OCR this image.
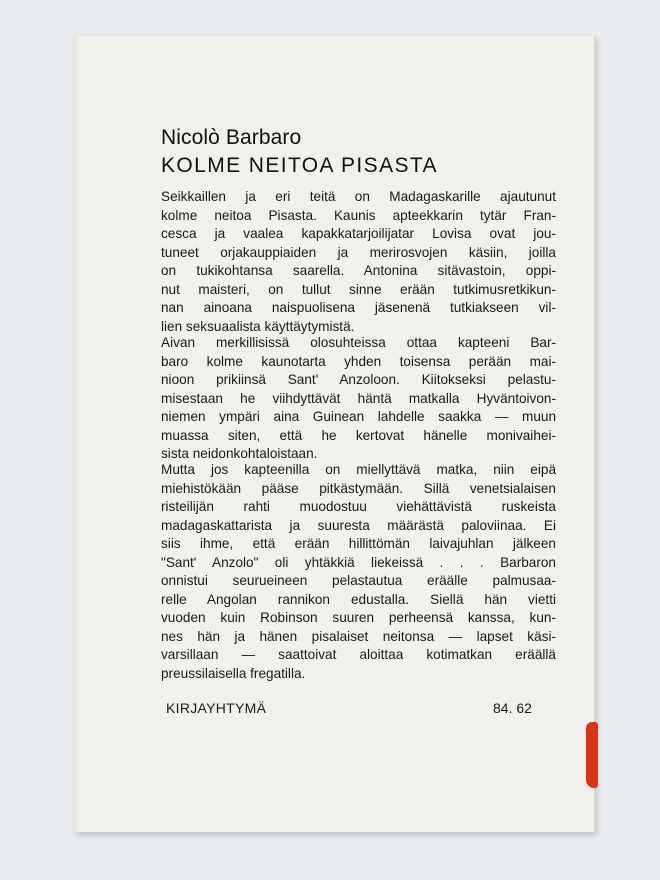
Nicolò Barbaro
KOLME NEITOA PISASTA
Seikkaillen ja eri teitä on Madagaskarille ajautunut
kolme neitoa Pisasta. Kaunis apteekkarin tytär Fran-
cesca ja vaalea kapakkatarjoilijatar Lovisa ovat jou-
tuneet orjakauppiaiden ja merirosvojen käsiin, joilla
on tukikohtansa saarella. Antonina sitävastoin, oppi-
nut maisteri, on tullut sinne erään tutkimusretkikun-
nan ainoana naispuolisena jäsenenä tutkiakseen vil-
lien seksuaalista käyttäytymistä.
Aivan merkillisissä olosuhteissa ottaa kapteeni Bar-
baro kolme kaunotarta yhden toisensa perään mai-
nioon prikiinsä Sant' Anzoloon. Kiitokseksi pelastu-
misestaan he viihdyttävät häntä matkalla Hyväntoivon-
niemen ympäri aina Guinean lahdelle saakka — muun
muassa siten, että he kertovat hänelle monivaihei-
sista neidonkohtaloistaan.
Mutta jos kapteenilla on miellyttävä matka, niin eipä
miehistökään pääse pitkästymään. Sillä venetsialaisen
risteilijän rahti muodostuu viehättävistä ruskeista
madagaskattarista ja suuresta määrästä paloviinaa. Ei
siis ihme, että erään hillittömän laivajuhlan jälkeen
"Sant' Anzolo" oli yhtäkkiä liekeissä . . . Barbaron
onnistui seurueineen pelastautua eräälle palmusaa-
relle Angolan rannikon edustalla. Siellä hän vietti
vuoden kuin Robinson suuren perheensä kanssa, kun-
nes hän ja hänen pisalaiset neitonsa — lapset käsi-
varsillaan — saattoivat aloittaa kotimatkan eräällä
preussilaisella fregatilla.
KIRJAYHTYMÄ	84. 62
